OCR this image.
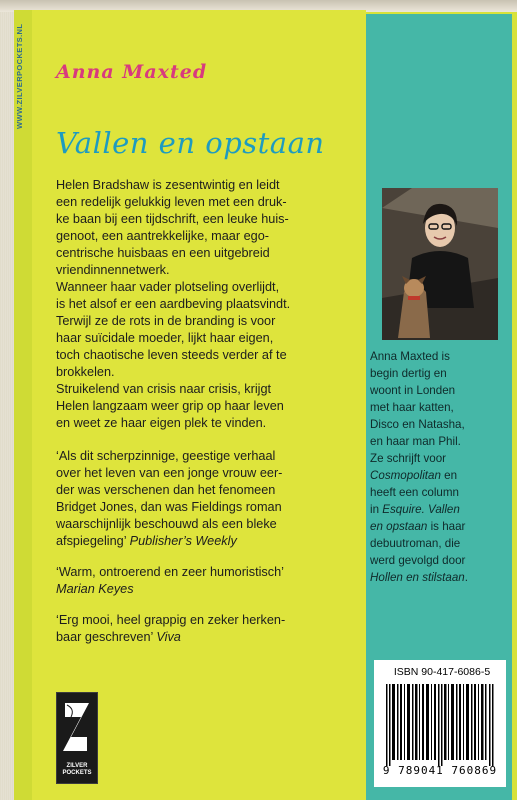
WWW.ZILVERPOCKETS.NL	Anna Maxted
Vallen en opstaan

Helen Bradshaw is zesentwintig en leidt

een redelijk gelukkig leven met een druk-

ke baan bij een tijdschrift, een leuke huis-

genoot, een aantrekkelijke, maar ego-

centrische huisbaas en een uitgebreid

vriendinnennetwerk.

Wanneer haar vader plotseling overlijdt,

is het alsof er een aardbeving plaatsvindt.

Terwijl ze de rots in de branding is voor

haar suïcidale moeder, lijkt haar eigen,

toch chaotische leven steeds verder af te

brokkelen.

Struikelend van crisis naar crisis, krijgt

Helen langzaam weer grip op haar leven

en weet ze haar eigen plek te vinden.

‘Als dit scherpzinnige, geestige verhaal

over het leven van een jonge vrouw eer-

der was verschenen dan het fenomeen

Bridget Jones, dan was Fieldings roman

waarschijnlijk beschouwd als een bleke

afspiegeling’ Publisher’s Weekly

‘Warm, ontroerend en zeer humoristisch’

Marian Keyes

‘Erg mooi, heel grappig en zeker herken-

baar geschreven’ Viva

Anna Maxted is
begin dertig en
woont in Londen
met haar katten,
Disco en Natasha,
en haar man Phil.
Ze schrijft voor
Cosmopolitan en
heeft een column
in Esquire. Vallen
en opstaan is haar
debuutroman, die
werd gevolgd door
Hollen en stilstaan.
ISBN 90-417-6086-5
9 789041 760869
ZILVER
POCKETS
